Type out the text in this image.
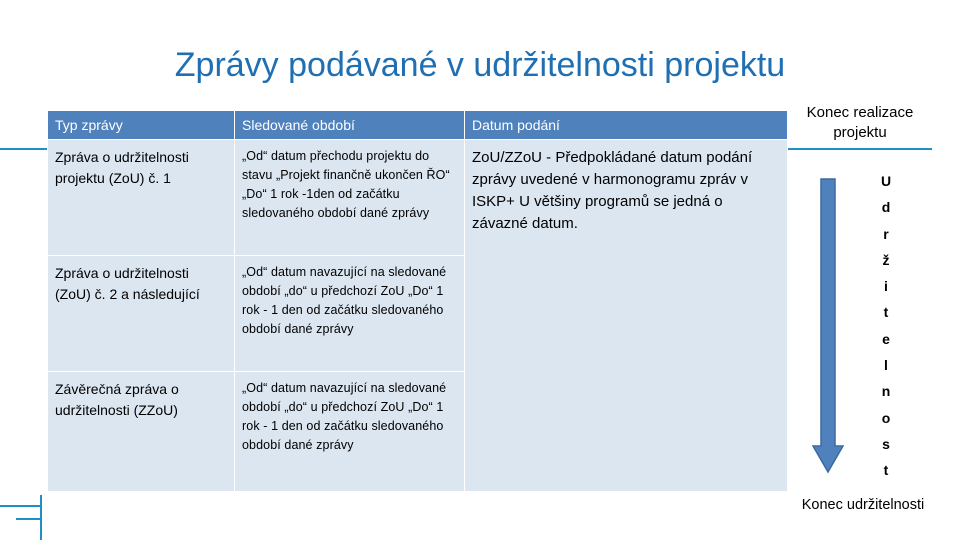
Zprávy podávané v udržitelnosti projektu
Typ zprávy	Sledované období	Datum podání

Zpráva o udržitelnosti projektu (ZoU) č. 1	„Od“ datum přechodu projektu do stavu „Projekt finančně ukončen ŘO“ „Do“ 1 rok -1den od začátku sledovaného období dané zprávy	ZoU/ZZoU - Předpokládané datum podání zprávy uvedené v harmonogramu zpráv v ISKP+ U většiny programů se jedná o závazné datum.

Zpráva o udržitelnosti (ZoU) č. 2 a následující	„Od“ datum navazující na sledované období „do“ u předchozí ZoU „Do“ 1 rok - 1 den od začátku sledovaného období dané zprávy	

Závěrečná zpráva o udržitelnosti (ZZoU)	„Od“ datum navazující na sledované období „do“ u předchozí ZoU „Do“ 1 rok - 1 den od začátku sledovaného období dané zprávy	
Konec realizace projektu
U
d
r
ž
i
t
e
l
n
o
s
t
Konec udržitelnosti
